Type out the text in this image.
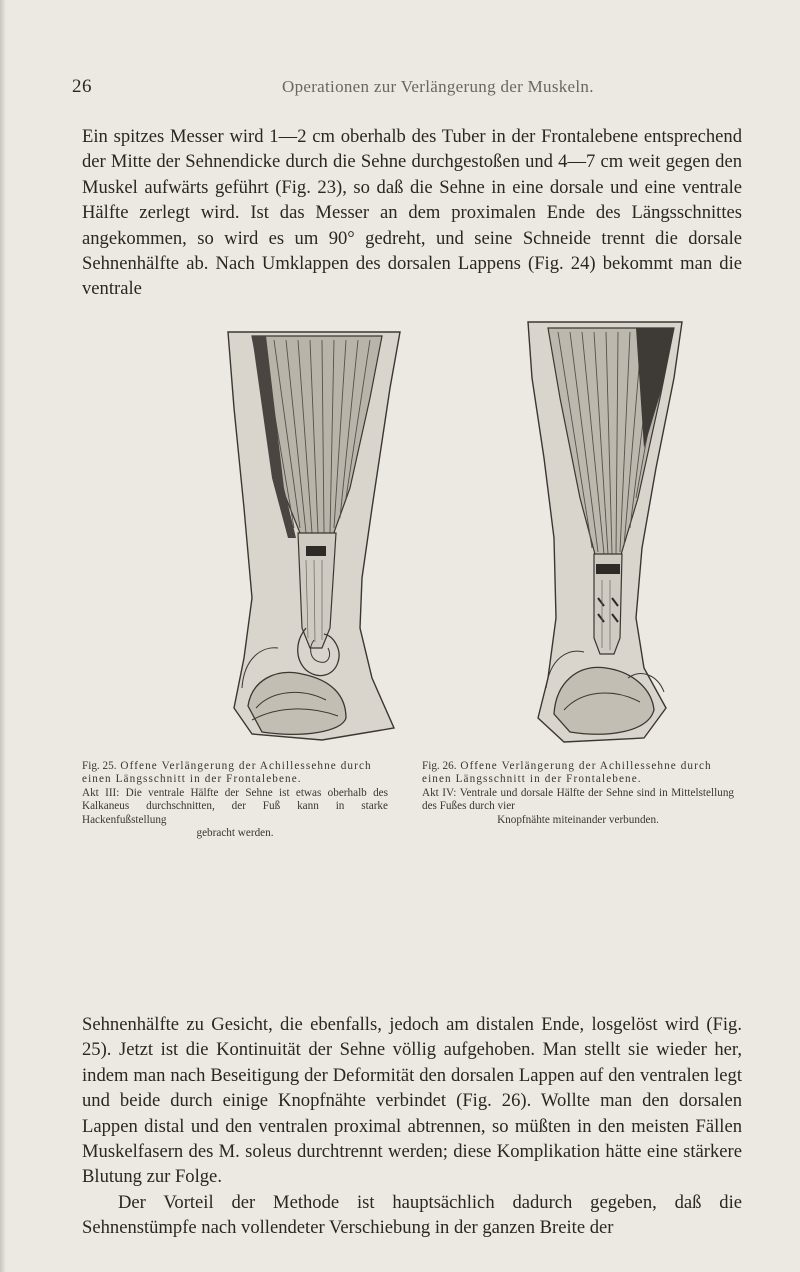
26	Operationen zur Verlängerung der Muskeln.

Ein spitzes Messer wird 1—2 cm oberhalb des Tuber in der Frontalebene entsprechend der Mitte der Sehnendicke durch die Sehne durchgestoßen und 4—7 cm weit gegen den Muskel aufwärts geführt (Fig. 23), so daß die Sehne in eine dorsale und eine ventrale Hälfte zerlegt wird. Ist das Messer an dem proximalen Ende des Längsschnittes angekommen, so wird es um 90° gedreht, und seine Schneide trennt die dorsale Sehnenhälfte ab. Nach Umklappen des dorsalen Lappens (Fig. 24) bekommt man die ventrale

Fig. 25. Offene Verlängerung der Achillessehne durch einen Längsschnitt in der Frontalebene.
Akt III: Die ventrale Hälfte der Sehne ist etwas oberhalb des Kalkaneus durchschnitten, der Fuß kann in starke Hackenfußstellung
gebracht werden.
Fig. 26. Offene Verlängerung der Achillessehne durch einen Längsschnitt in der Frontalebene.
Akt IV: Ventrale und dorsale Hälfte der Sehne sind in Mittelstellung des Fußes durch vier
Knopfnähte miteinander verbunden.
Sehnenhälfte zu Gesicht, die ebenfalls, jedoch am distalen Ende, losgelöst wird (Fig. 25). Jetzt ist die Kontinuität der Sehne völlig aufgehoben. Man stellt sie wieder her, indem man nach Beseitigung der Deformität den dorsalen Lappen auf den ventralen legt und beide durch einige Knopfnähte verbindet (Fig. 26). Wollte man den dorsalen Lappen distal und den ventralen proximal abtrennen, so müßten in den meisten Fällen Muskelfasern des M. soleus durchtrennt werden; diese Komplikation hätte eine stärkere Blutung zur Folge.
Der Vorteil der Methode ist hauptsächlich dadurch gegeben, daß die Sehnenstümpfe nach vollendeter Verschiebung in der ganzen Breite der
